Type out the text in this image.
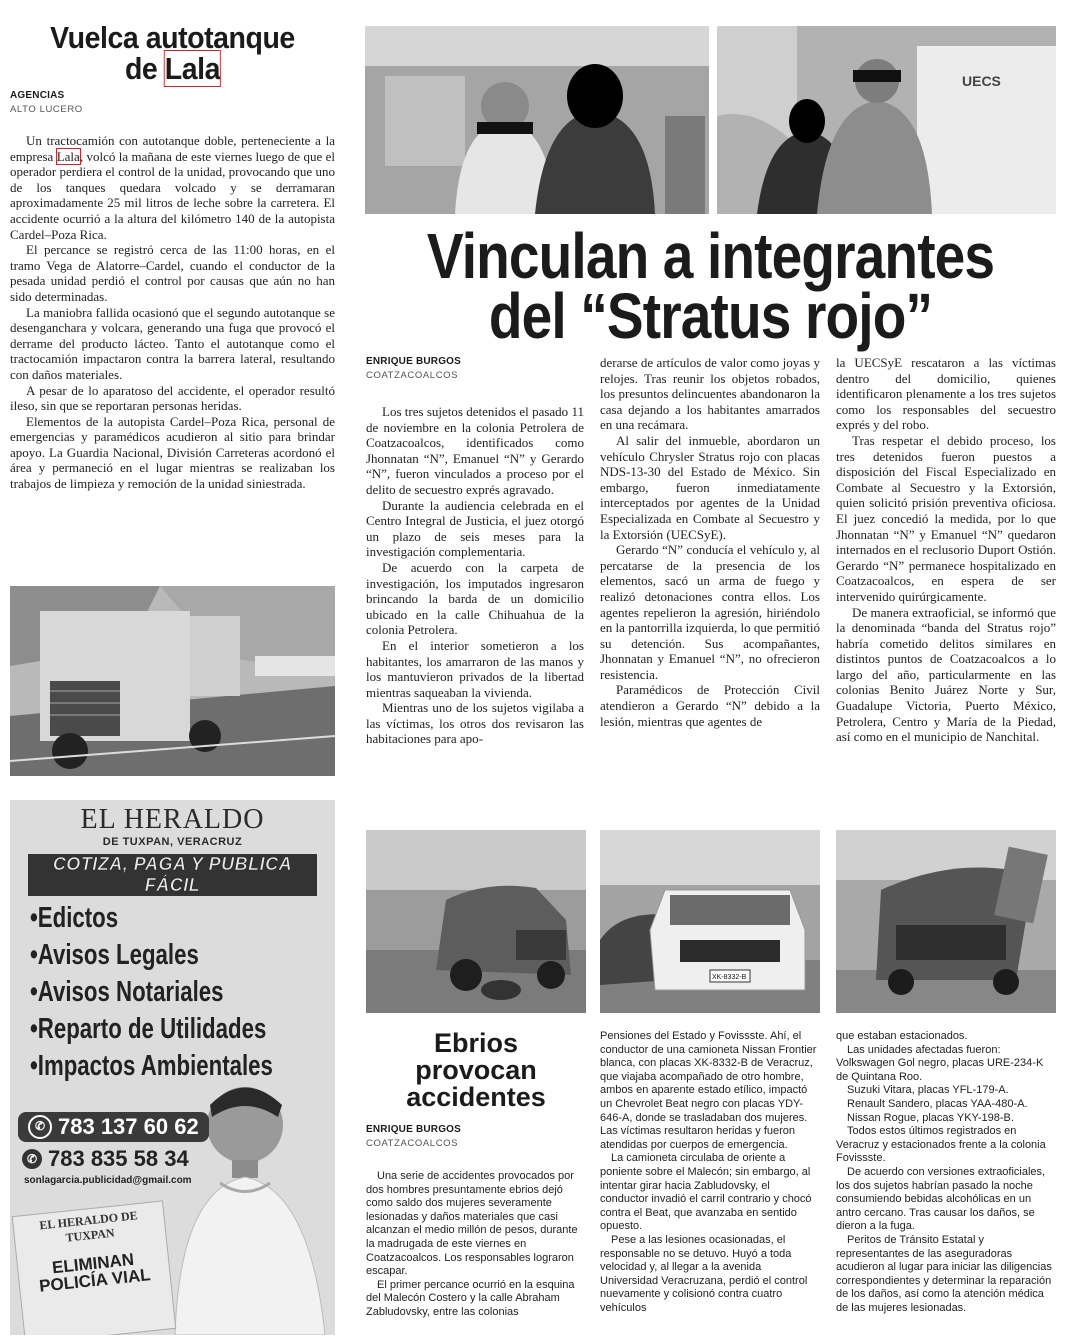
Vuelca autotanque
de Lala
AGENCIAS
ALTO LUCERO

Un tractocamión con autotanque doble, perteneciente a la empresa Lala, volcó la mañana de este viernes luego de que el operador perdiera el control de la unidad, provocando que uno de los tanques quedara volcado y se derramaran aproximadamente 25 mil litros de leche sobre la carretera. El accidente ocurrió a la altura del kilómetro 140 de la autopista Cardel–Poza Rica.

El percance se registró cerca de las 11:00 horas, en el tramo Vega de Alatorre–Cardel, cuando el conductor de la pesada unidad perdió el control por causas que aún no han sido determinadas.

La maniobra fallida ocasionó que el segundo autotanque se desenganchara y volcara, generando una fuga que provocó el derrame del producto lácteo. Tanto el autotanque como el tractocamión impactaron contra la barrera lateral, resultando con daños materiales.

A pesar de lo aparatoso del accidente, el operador resultó ileso, sin que se reportaran personas heridas.

Elementos de la autopista Cardel–Poza Rica, personal de emergencias y paramédicos acudieron al sitio para brindar apoyo. La Guardia Nacional, División Carreteras acordonó el área y permaneció en el lugar mientras se realizaban los trabajos de limpieza y remoción de la unidad siniestrada.

EL HERALDO
DE TUXPAN, VERACRUZ
COTIZA, PAGA Y PUBLICA FÁCIL
•Edictos
•Avisos Legales
•Avisos Notariales
•Reparto de Utilidades
•Impactos Ambientales
EL HERALDO DE TUXPAN
ELIMINAN POLICÍA VIAL
✆ 783 137 60 62
✆ 783 835 58 34
sonlagarcia.publicidad@gmail.com
UECS
Vinculan a integrantes
del “Stratus rojo”
ENRIQUE BURGOS
COATZACOALCOS

Los tres sujetos detenidos el pasado 11 de noviembre en la colonia Petrolera de Coatzacoalcos, identificados como Jhonnatan “N”, Emanuel “N” y Gerardo “N”, fueron vinculados a proceso por el delito de secuestro exprés agravado.

Durante la audiencia celebrada en el Centro Integral de Justicia, el juez otorgó un plazo de seis meses para la investigación complementaria.

De acuerdo con la carpeta de investigación, los imputados ingresaron brincando la barda de un domicilio ubicado en la calle Chihuahua de la colonia Petrolera.

En el interior sometieron a los habitantes, los amarraron de las manos y los mantuvieron privados de la libertad mientras saqueaban la vivienda.

Mientras uno de los sujetos vigilaba a las víctimas, los otros dos revisaron las habitaciones para apo-

derarse de artículos de valor como joyas y relojes. Tras reunir los objetos robados, los presuntos delincuentes abandonaron la casa dejando a los habitantes amarrados en una recámara.

Al salir del inmueble, abordaron un vehículo Chrysler Stratus rojo con placas NDS-13-30 del Estado de México. Sin embargo, fueron inmediatamente interceptados por agentes de la Unidad Especializada en Combate al Secuestro y la Extorsión (UECSyE).

Gerardo “N” conducía el vehículo y, al percatarse de la presencia de los elementos, sacó un arma de fuego y realizó detonaciones contra ellos. Los agentes repelieron la agresión, hiriéndolo en la pantorrilla izquierda, lo que permitió su detención. Sus acompañantes, Jhonnatan y Emanuel “N”, no ofrecieron resistencia.

Paramédicos de Protección Civil atendieron a Gerardo “N” debido a la lesión, mientras que agentes de

la UECSyE rescataron a las víctimas dentro del domicilio, quienes identificaron plenamente a los tres sujetos como los responsables del secuestro exprés y del robo.

Tras respetar el debido proceso, los tres detenidos fueron puestos a disposición del Fiscal Especializado en Combate al Secuestro y la Extorsión, quien solicitó prisión preventiva oficiosa. El juez concedió la medida, por lo que Jhonnatan “N” y Emanuel “N” quedaron internados en el reclusorio Duport Ostión. Gerardo “N” permanece hospitalizado en Coatzacoalcos, en espera de ser intervenido quirúrgicamente.

De manera extraoficial, se informó que la denominada “banda del Stratus rojo” habría cometido delitos similares en distintos puntos de Coatzacoalcos a lo largo del año, particularmente en las colonias Benito Juárez Norte y Sur, Guadalupe Victoria, Puerto México, Petrolera, Centro y María de la Piedad, así como en el municipio de Nanchital.

XK-8332-B
Ebrios
provocan
accidentes
ENRIQUE BURGOS
COATZACOALCOS

Una serie de accidentes provocados por dos hombres presuntamente ebrios dejó como saldo dos mujeres severamente lesionadas y daños materiales que casi alcanzan el medio millón de pesos, durante la madrugada de este viernes en Coatzacoalcos. Los responsables lograron escapar.

El primer percance ocurrió en la esquina del Malecón Costero y la calle Abraham Zabludovsky, entre las colonias

Pensiones del Estado y Fovissste. Ahí, el conductor de una camioneta Nissan Frontier blanca, con placas XK-8332-B de Veracruz, que viajaba acompañado de otro hombre, ambos en aparente estado etílico, impactó un Chevrolet Beat negro con placas YDY-646-A, donde se trasladaban dos mujeres. Las víctimas resultaron heridas y fueron atendidas por cuerpos de emergencia.

La camioneta circulaba de oriente a poniente sobre el Malecón; sin embargo, al intentar girar hacia Zabludovsky, el conductor invadió el carril contrario y chocó contra el Beat, que avanzaba en sentido opuesto.

Pese a las lesiones ocasionadas, el responsable no se detuvo. Huyó a toda velocidad y, al llegar a la avenida Universidad Veracruzana, perdió el control nuevamente y colisionó contra cuatro vehículos

que estaban estacionados.

Las unidades afectadas fueron: Volkswagen Gol negro, placas URE-234-K de Quintana Roo.

Suzuki Vitara, placas YFL-179-A.

Renault Sandero, placas YAA-480-A.

Nissan Rogue, placas YKY-198-B.

Todos estos últimos registrados en Veracruz y estacionados frente a la colonia Fovissste.

De acuerdo con versiones extraoficiales, los dos sujetos habrían pasado la noche consumiendo bebidas alcohólicas en un antro cercano. Tras causar los daños, se dieron a la fuga.

Peritos de Tránsito Estatal y representantes de las aseguradoras acudieron al lugar para iniciar las diligencias correspondientes y determinar la reparación de los daños, así como la atención médica de las mujeres lesionadas.
